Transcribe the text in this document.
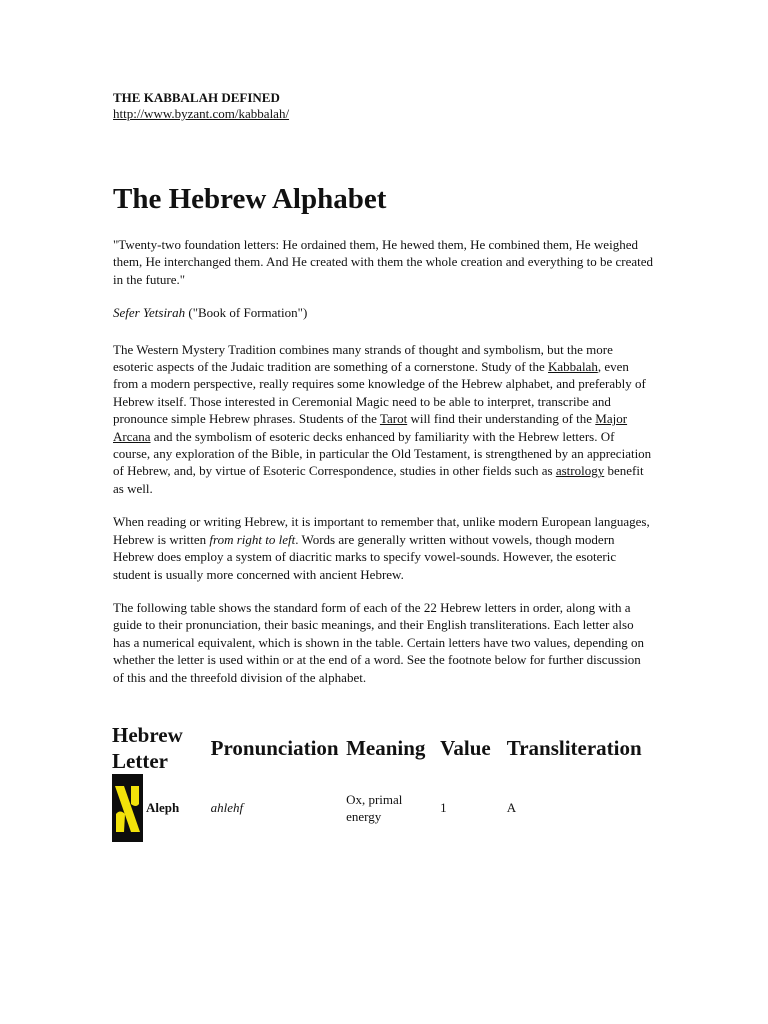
THE KABBALAH DEFINED

http://www.byzant.com/kabbalah/
The Hebrew Alphabet

"Twenty-two foundation letters: He ordained them, He hewed them, He combined them, He weighed them, He interchanged them. And He created with them the whole creation and everything to be created in the future."

Sefer Yetsirah ("Book of Formation")

The Western Mystery Tradition combines many strands of thought and symbolism, but the more esoteric aspects of the Judaic tradition are something of a cornerstone. Study of the Kabbalah, even from a modern perspective, really requires some knowledge of the Hebrew alphabet, and preferably of Hebrew itself. Those interested in Ceremonial Magic need to be able to interpret, transcribe and pronounce simple Hebrew phrases. Students of the Tarot will find their understanding of the Major Arcana and the symbolism of esoteric decks enhanced by familiarity with the Hebrew letters. Of course, any exploration of the Bible, in particular the Old Testament, is strengthened by an appreciation of Hebrew, and, by virtue of Esoteric Correspondence, studies in other fields such as astrology benefit as well.

When reading or writing Hebrew, it is important to remember that, unlike modern European languages, Hebrew is written from right to left. Words are generally written without vowels, though modern Hebrew does employ a system of diacritic marks to specify vowel-sounds. However, the esoteric student is usually more concerned with ancient Hebrew.

The following table shows the standard form of each of the 22 Hebrew letters in order, along with a guide to their pronunciation, their basic meanings, and their English transliterations. Each letter also has a numerical equivalent, which is shown in the table. Certain letters have two values, depending on whether the letter is used within or at the end of a word. See the footnote below for further discussion of this and the threefold division of the alphabet.

Hebrew Letter	Pronunciation	Meaning	Value	Transliteration

Aleph	ahlehf	Ox, primal energy	1	A
